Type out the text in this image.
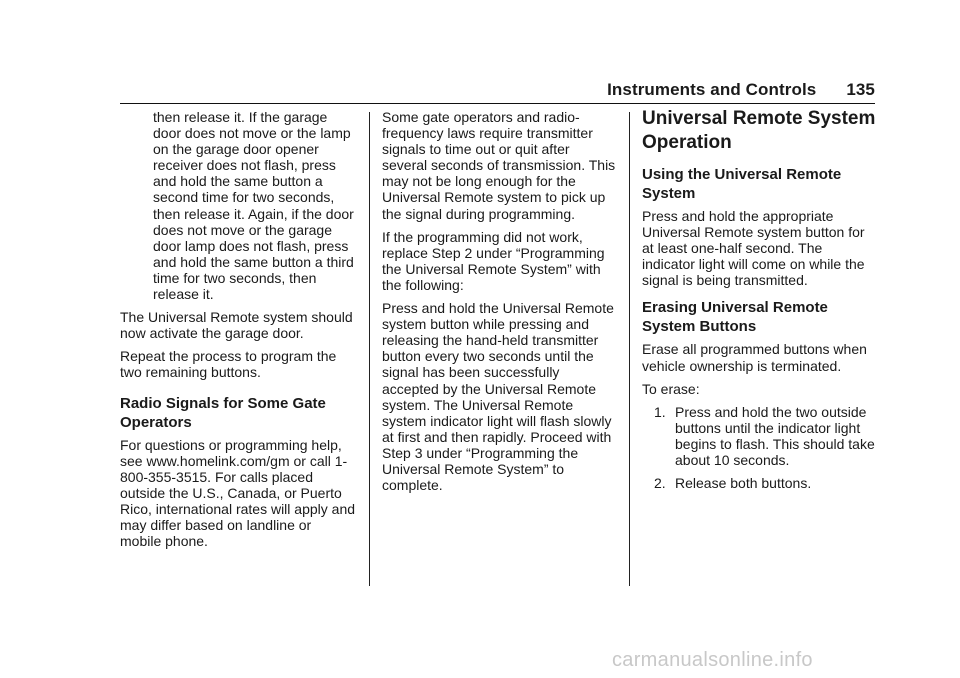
Instruments and Controls 135

then release it. If the garage door does not move or the lamp on the garage door opener receiver does not flash, press and hold the same button a second time for two seconds, then release it. Again, if the door does not move or the garage door lamp does not flash, press and hold the same button a third time for two seconds, then release it.

The Universal Remote system should now activate the garage door.

Repeat the process to program the two remaining buttons.

Radio Signals for Some Gate Operators

For questions or programming help, see www.homelink.com/gm or call 1-800-355-3515. For calls placed outside the U.S., Canada, or Puerto Rico, international rates will apply and may differ based on landline or mobile phone.

Some gate operators and radio-frequency laws require transmitter signals to time out or quit after several seconds of transmission. This may not be long enough for the Universal Remote system to pick up the signal during programming.

If the programming did not work, replace Step 2 under “Programming the Universal Remote System” with the following:

Press and hold the Universal Remote system button while pressing and releasing the hand-held transmitter button every two seconds until the signal has been successfully accepted by the Universal Remote system. The Universal Remote system indicator light will flash slowly at first and then rapidly. Proceed with Step 3 under “Programming the Universal Remote System” to complete.

Universal Remote System Operation
Using the Universal Remote System

Press and hold the appropriate Universal Remote system button for at least one-half second. The indicator light will come on while the signal is being transmitted.

Erasing Universal Remote System Buttons

Erase all programmed buttons when vehicle ownership is terminated.

To erase:

1. Press and hold the two outside buttons until the indicator light begins to flash. This should take about 10 seconds.
2. Release both buttons.
carmanualsonline.info
